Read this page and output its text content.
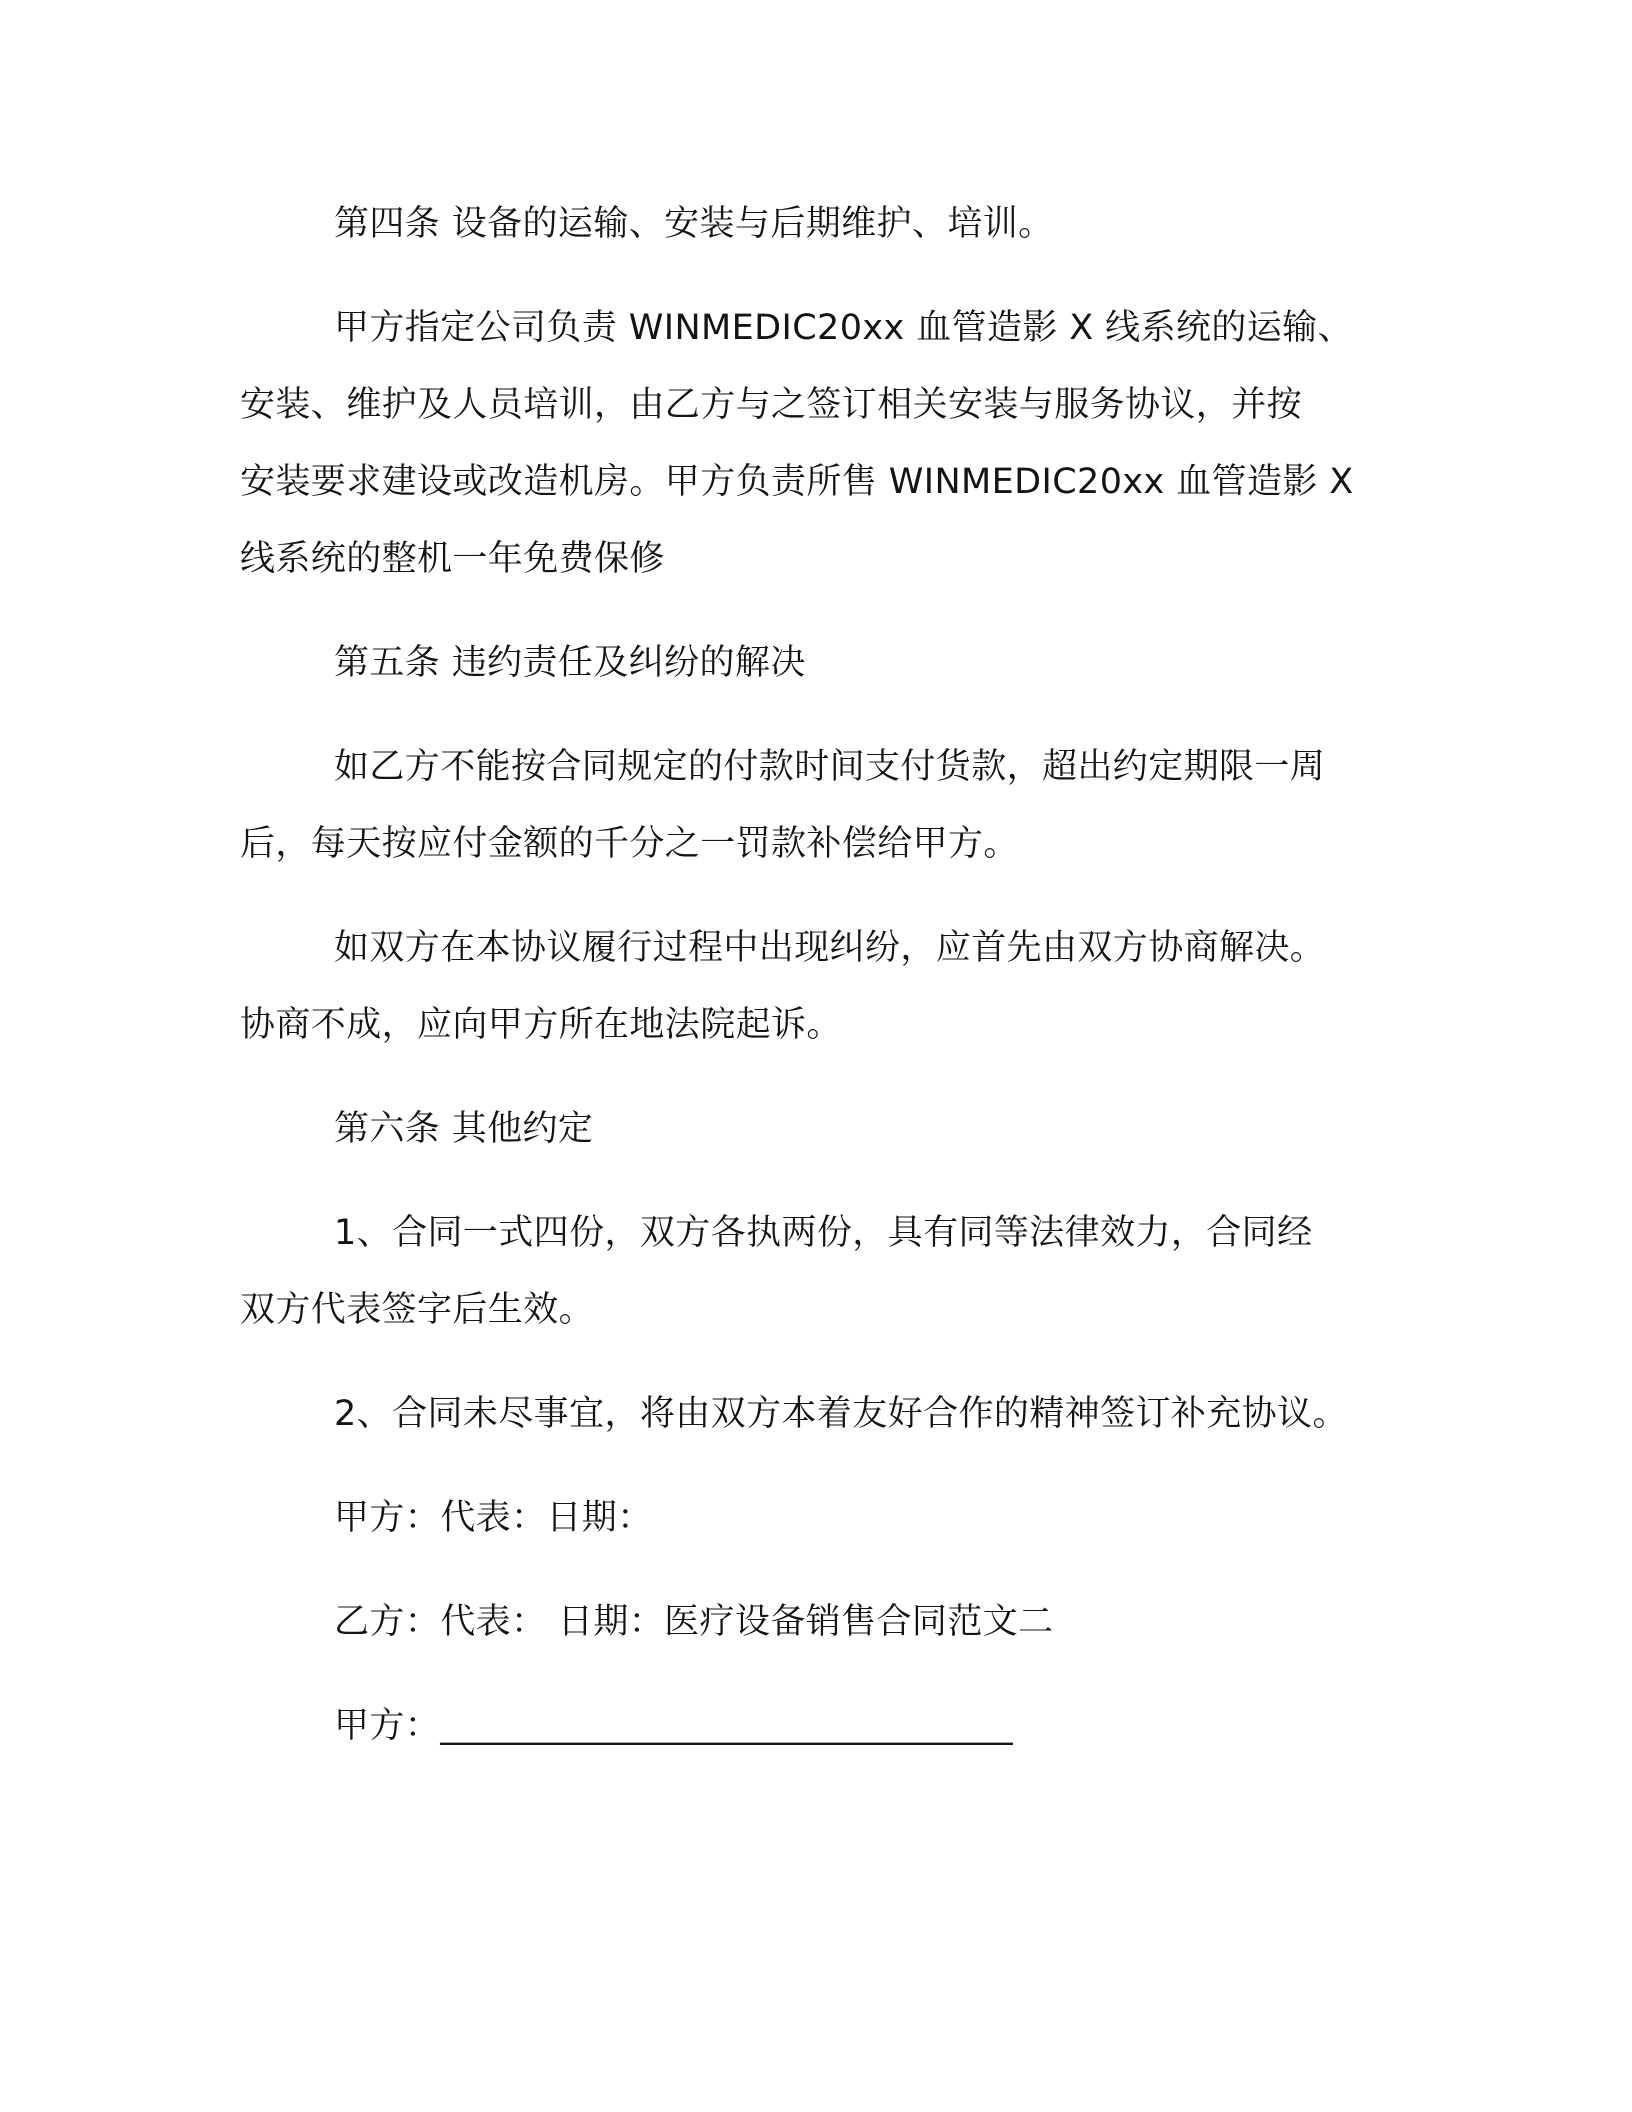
第四条 设备的运输、安装与后期维护、培训。

甲方指定公司负责 WINMEDIC20xx 血管造影 X 线系统的运输、
安装、维护及人员培训，由乙方与之签订相关安装与服务协议，并按
安装要求建设或改造机房。甲方负责所售 WINMEDIC20xx 血管造影 X
线系统的整机一年免费保修

第五条 违约责任及纠纷的解决

如乙方不能按合同规定的付款时间支付货款，超出约定期限一周
后，每天按应付金额的千分之一罚款补偿给甲方。

如双方在本协议履行过程中出现纠纷，应首先由双方协商解决。
协商不成，应向甲方所在地法院起诉。

第六条 其他约定

1、合同一式四份，双方各执两份，具有同等法律效力，合同经
双方代表签字后生效。

2、合同未尽事宜，将由双方本着友好合作的精神签订补充协议。

甲方：代表：日期：

乙方：代表： 日期：医疗设备销售合同范文二

甲方：________________________________
